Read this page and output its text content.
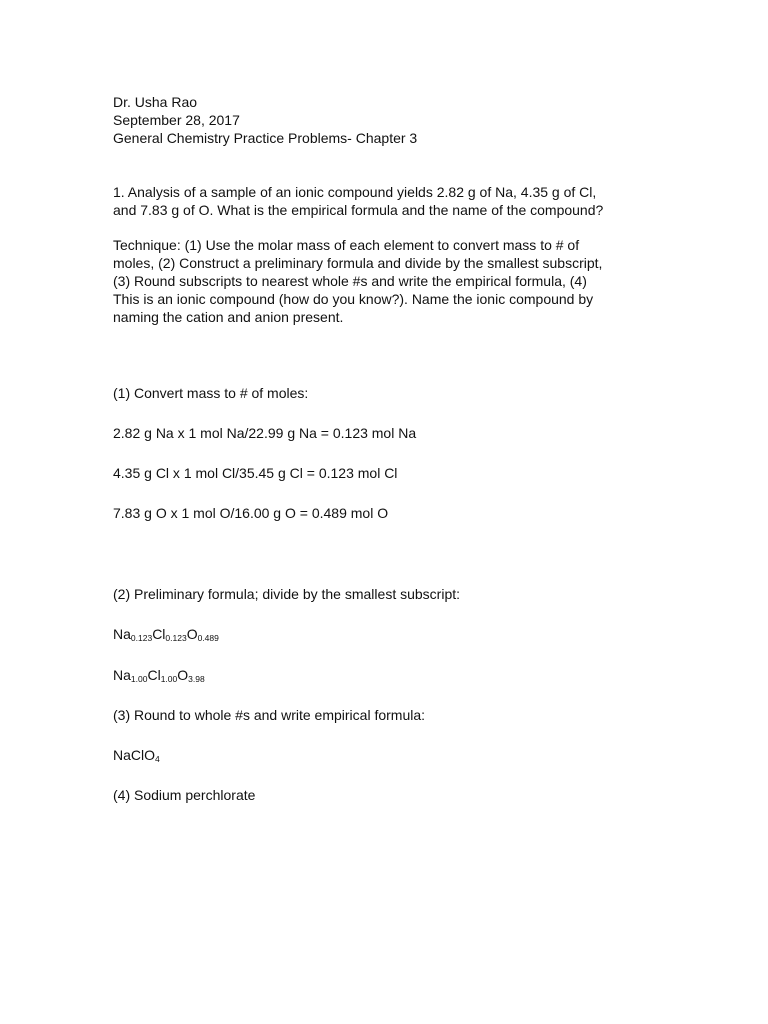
Dr. Usha Rao
September 28, 2017
General Chemistry Practice Problems- Chapter 3
1. Analysis of a sample of an ionic compound yields 2.82 g of Na, 4.35 g of Cl,
and 7.83 g of O. What is the empirical formula and the name of the compound?
Technique: (1) Use the molar mass of each element to convert mass to # of
moles, (2) Construct a preliminary formula and divide by the smallest subscript,
(3) Round subscripts to nearest whole #s and write the empirical formula, (4)
This is an ionic compound (how do you know?). Name the ionic compound by
naming the cation and anion present.
(1) Convert mass to # of moles:
2.82 g Na x 1 mol Na/22.99 g Na = 0.123 mol Na
4.35 g Cl x 1 mol Cl/35.45 g Cl = 0.123 mol Cl
7.83 g O x 1 mol O/16.00 g O = 0.489 mol O
(2) Preliminary formula; divide by the smallest subscript:
$Na_{0.123}Cl_{0.123}O_{0.489}$
$Na_{1.00}Cl_{1.00}O_{3.98}$
(3) Round to whole #s and write empirical formula:
NaClO$_4$
(4) Sodium perchlorate
